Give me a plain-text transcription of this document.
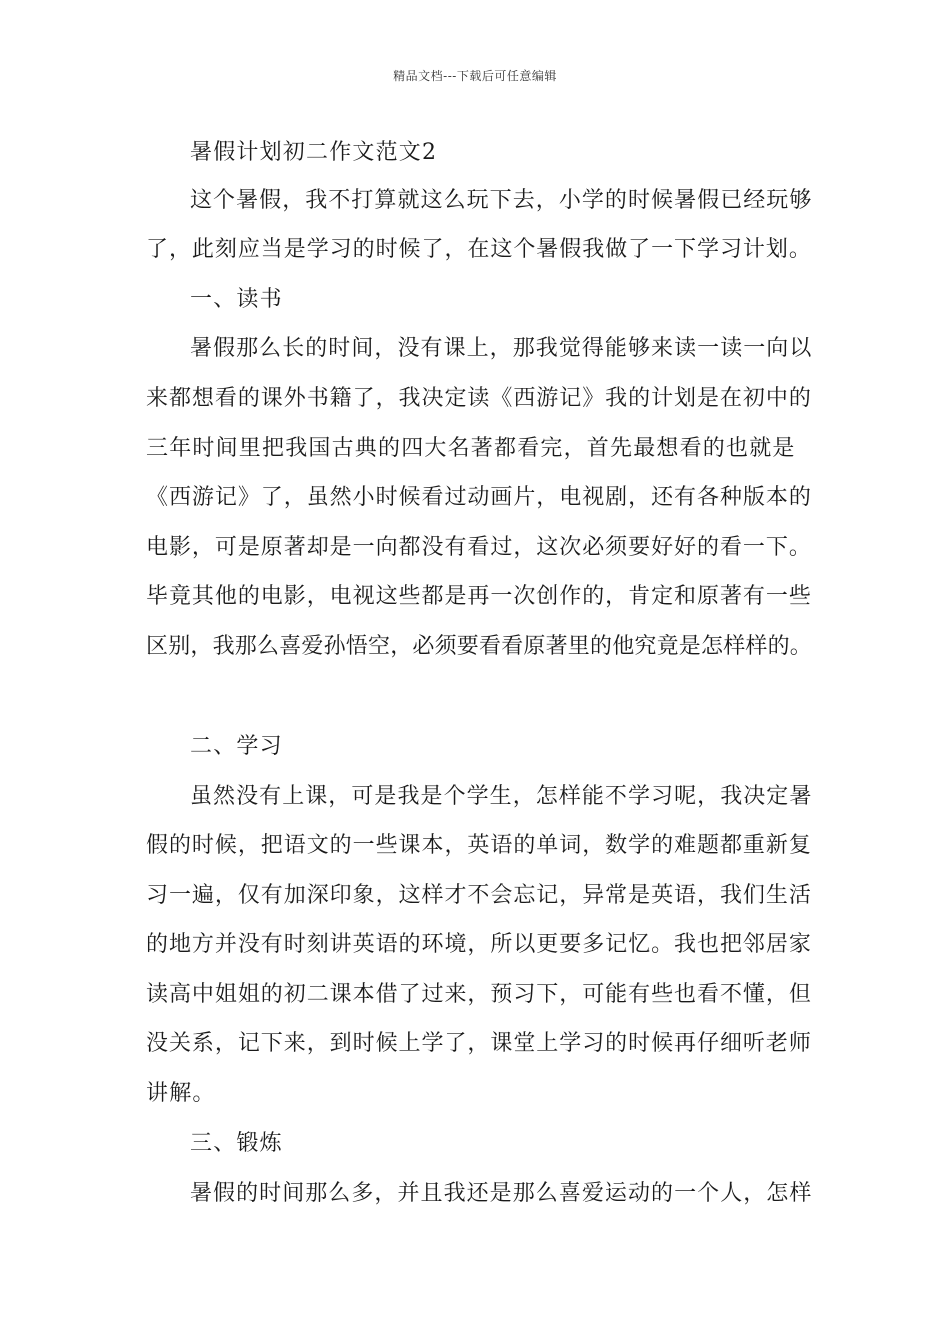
精品文档---下载后可任意编辑
暑假计划初二作文范文2
这个暑假，我不打算就这么玩下去，小学的时候暑假已经玩够
了，此刻应当是学习的时候了，在这个暑假我做了一下学习计划。
一、读书
暑假那么长的时间，没有课上，那我觉得能够来读一读一向以
来都想看的课外书籍了，我决定读《西游记》我的计划是在初中的
三年时间里把我国古典的四大名著都看完，首先最想看的也就是
《西游记》了，虽然小时候看过动画片，电视剧，还有各种版本的
电影，可是原著却是一向都没有看过，这次必须要好好的看一下。
毕竟其他的电影，电视这些都是再一次创作的，肯定和原著有一些
区别，我那么喜爱孙悟空，必须要看看原著里的他究竟是怎样样的。
二、学习
虽然没有上课，可是我是个学生，怎样能不学习呢，我决定暑
假的时候，把语文的一些课本，英语的单词，数学的难题都重新复
习一遍，仅有加深印象，这样才不会忘记，异常是英语，我们生活
的地方并没有时刻讲英语的环境，所以更要多记忆。我也把邻居家
读高中姐姐的初二课本借了过来，预习下，可能有些也看不懂，但
没关系，记下来，到时候上学了，课堂上学习的时候再仔细听老师
讲解。
三、锻炼
暑假的时间那么多，并且我还是那么喜爱运动的一个人，怎样
